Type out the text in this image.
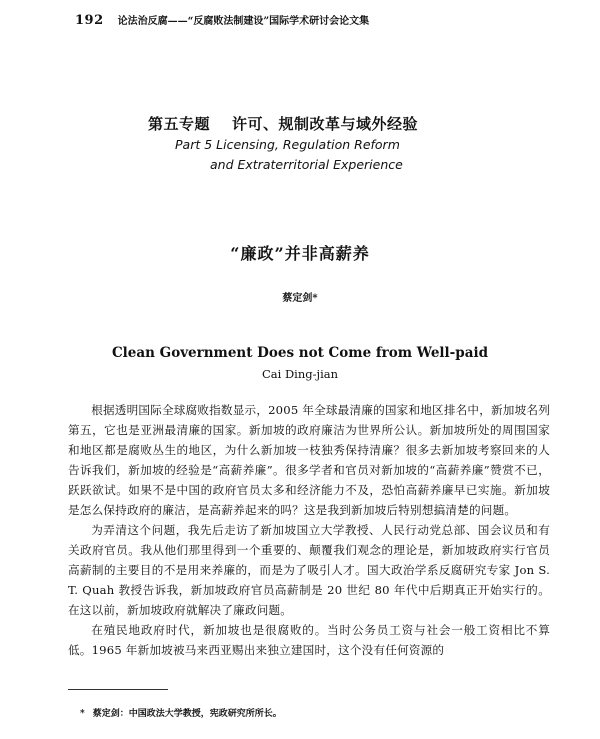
192 论法治反腐——“反腐败法制建设”国际学术研讨会论文集
第五专题 许可、规制改革与域外经验
Part 5 Licensing, Regulation Reform
and Extraterritorial Experience
“廉政”并非高薪养
蔡定剑*
Clean Government Does not Come from Well-paid
Cai Ding-jian

根据透明国际全球腐败指数显示，2005 年全球最清廉的国家和地区排名中，新加坡名列第五，它也是亚洲最清廉的国家。新加坡的政府廉洁为世界所公认。新加坡所处的周围国家和地区都是腐败丛生的地区，为什么新加坡一枝独秀保持清廉？很多去新加坡考察回来的人告诉我们，新加坡的经验是“高薪养廉”。很多学者和官员对新加坡的“高薪养廉”赞赏不已，跃跃欲试。如果不是中国的政府官员太多和经济能力不及，恐怕高薪养廉早已实施。新加坡是怎么保持政府的廉洁，是高薪养起来的吗？这是我到新加坡后特别想搞清楚的问题。

为弄清这个问题，我先后走访了新加坡国立大学教授、人民行动党总部、国会议员和有关政府官员。我从他们那里得到一个重要的、颠覆我们观念的理论是，新加坡政府实行官员高薪制的主要目的不是用来养廉的，而是为了吸引人才。国大政治学系反腐研究专家 Jon S. T. Quah 教授告诉我，新加坡政府官员高薪制是 20 世纪 80 年代中后期真正开始实行的。在这以前，新加坡政府就解决了廉政问题。

在殖民地政府时代，新加坡也是很腐败的。当时公务员工资与社会一般工资相比不算低。1965 年新加坡被马来西亚赐出来独立建国时，这个没有任何资源的

* 蔡定剑：中国政法大学教授，宪政研究所所长。
